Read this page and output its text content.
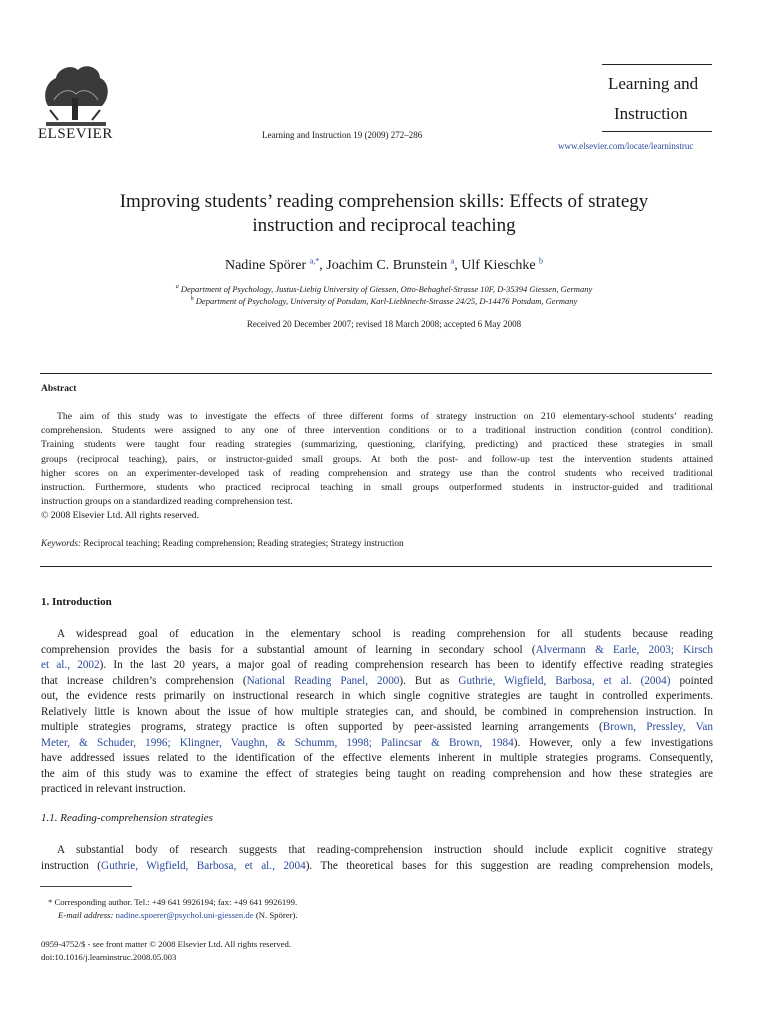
ELSEVIER	Learning and Instruction 19 (2009) 272–286
Learning and
Instruction
www.elsevier.com/locate/learninstruc
Improving students’ reading comprehension skills: Effects of strategy
instruction and reciprocal teaching
Nadine Spörer $^{a,*}$, Joachim C. Brunstein $^a$, Ulf Kieschke $^b$
$^a$ Department of Psychology, Justus-Liebig University of Giessen, Otto-Behaghel-Strasse 10F, D-35394 Giessen, Germany
$^b$ Department of Psychology, University of Potsdam, Karl-Liebknecht-Strasse 24/25, D-14476 Potsdam, Germany
Received 20 December 2007; revised 18 March 2008; accepted 6 May 2008
Abstract
The aim of this study was to investigate the effects of three different forms of strategy instruction on 210 elementary-school students’ reading
comprehension. Students were assigned to any one of three intervention conditions or to a traditional instruction condition (control condition).
Training students were taught four reading strategies (summarizing, questioning, clarifying, predicting) and practiced these strategies in small
groups (reciprocal teaching), pairs, or instructor-guided small groups. At both the post- and follow-up test the intervention students attained
higher scores on an experimenter-developed task of reading comprehension and strategy use than the control students who received traditional
instruction. Furthermore, students who practiced reciprocal teaching in small groups outperformed students in instructor-guided and traditional
instruction groups on a standardized reading comprehension test.
© 2008 Elsevier Ltd. All rights reserved.
Keywords: Reciprocal teaching; Reading comprehension; Reading strategies; Strategy instruction
1. Introduction
A widespread goal of education in the elementary school is reading comprehension for all students because reading
comprehension provides the basis for a substantial amount of learning in secondary school (Alvermann & Earle, 2003; Kirsch
et al., 2002). In the last 20 years, a major goal of reading comprehension research has been to identify effective reading strategies
that increase children’s comprehension (National Reading Panel, 2000). But as Guthrie, Wigfield, Barbosa, et al. (2004) pointed
out, the evidence rests primarily on instructional research in which single cognitive strategies are taught in controlled experiments.
Relatively little is known about the issue of how multiple strategies can, and should, be combined in comprehension instruction. In
multiple strategies programs, strategy practice is often supported by peer-assisted learning arrangements (Brown, Pressley, Van
Meter, & Schuder, 1996; Klingner, Vaughn, & Schumm, 1998; Palincsar & Brown, 1984). However, only a few investigations
have addressed issues related to the identification of the effective elements inherent in multiple strategies programs. Consequently,
the aim of this study was to examine the effect of strategies being taught on reading comprehension and how these strategies are
practiced in relevant instruction.
1.1. Reading-comprehension strategies
A substantial body of research suggests that reading-comprehension instruction should include explicit cognitive strategy
instruction (Guthrie, Wigfield, Barbosa, et al., 2004). The theoretical bases for this suggestion are reading comprehension models,
* Corresponding author. Tel.: +49 641 9926194; fax: +49 641 9926199.
E-mail address: nadine.spoerer@psychol.uni-giessen.de (N. Spörer).
0959-4752/$ - see front matter © 2008 Elsevier Ltd. All rights reserved.
doi:10.1016/j.learninstruc.2008.05.003
